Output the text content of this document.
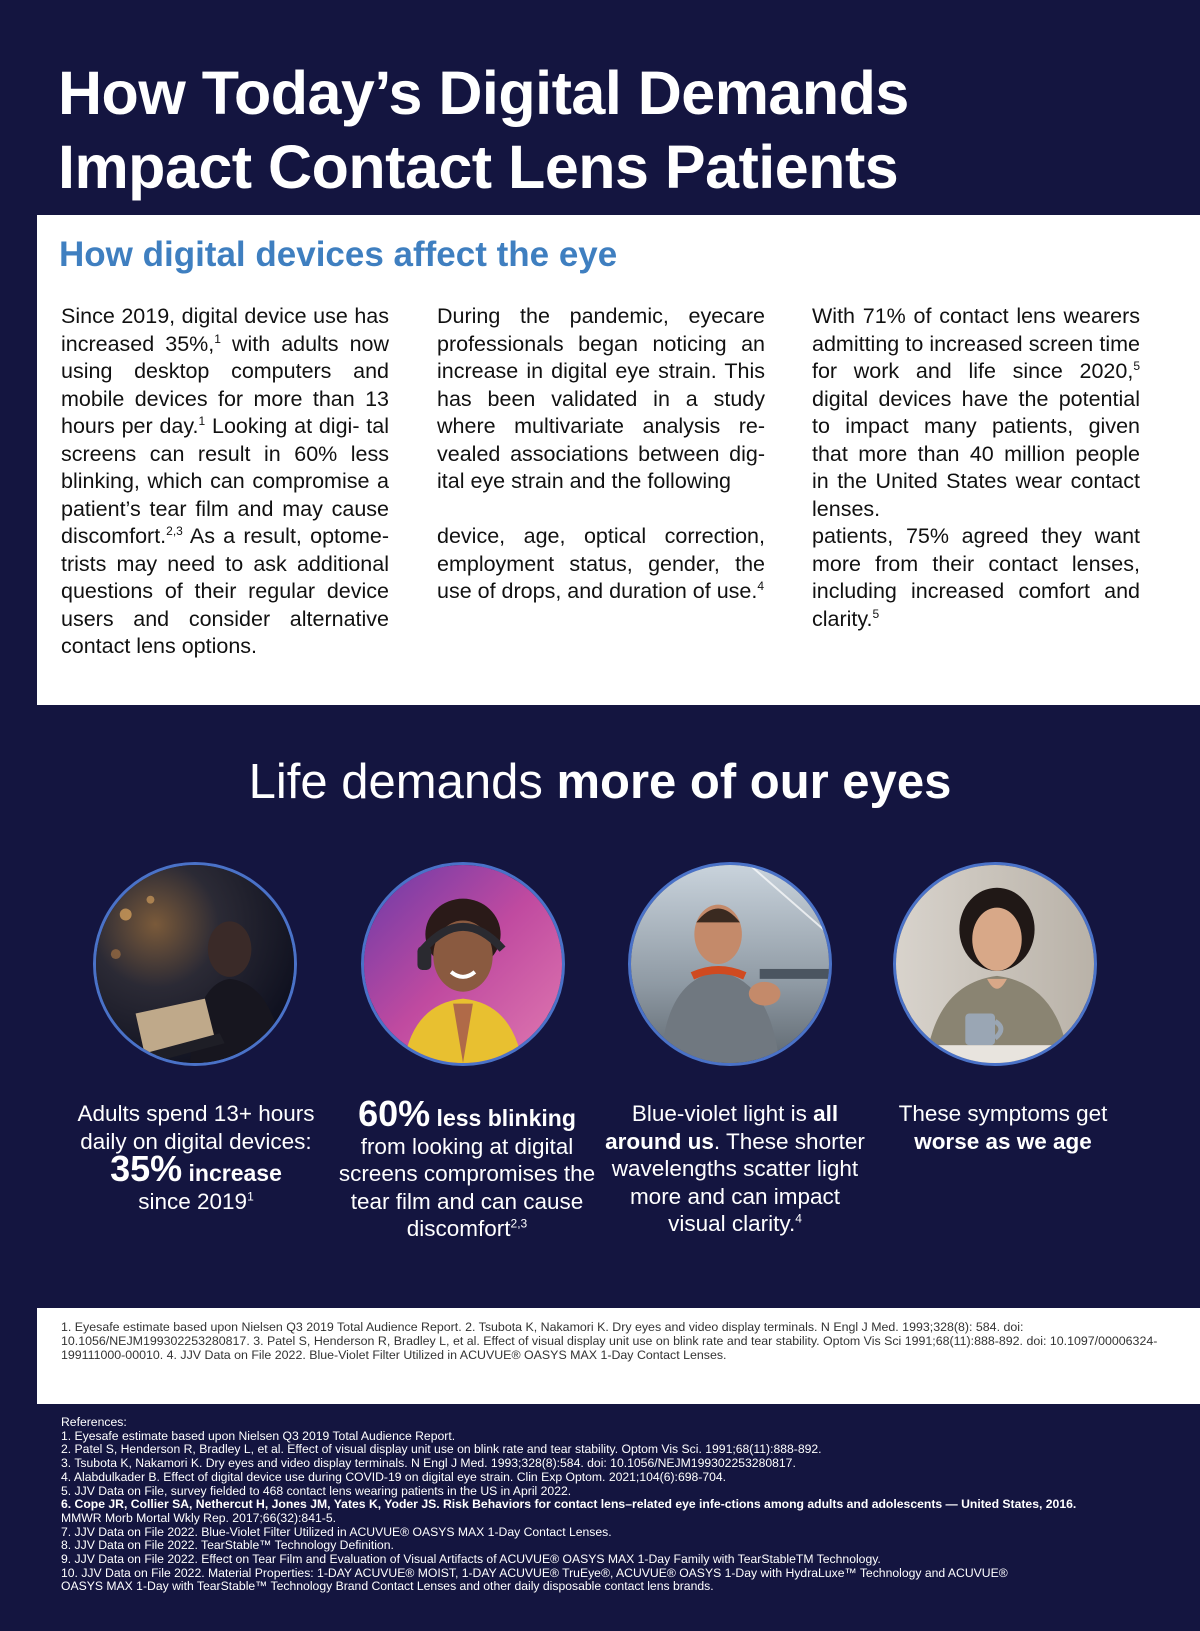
How Today’s Digital Demands
Impact Contact Lens Patients
How digital devices affect the eye

Since 2019, digital device use has increased 35%,$^1$ with adults now using desktop computers and mobile devices for more than 13 hours per day.$^1$ Looking at digi- tal screens can result in 60% less blinking, which can compromise a patient’s tear film and may cause discomfort.$^{2,3}$ As a result, optome- trists may need to ask additional questions of their regular device users and consider alternative contact lens options.

During the pandemic, eyecare professionals began noticing an increase in digital eye strain. This has been validated in a study where multivariate analysis re- vealed associations between dig- ital eye strain and the following
device, age, optical correction, employment status, gender, the use of drops, and duration of use.$^4$

With 71% of contact lens wearers admitting to increased screen time for work and life since 2020,$^5$ digital devices have the potential to impact many patients, given that more than 40 million people in the United States wear contact lenses.
patients, 75% agreed they want more from their contact lenses, including increased comfort and clarity.$^5$

Life demands more of our eyes
Adults spend 13+ hours daily on digital devices:
35% increase
since 2019$^1$
60% less blinking
from looking at digital screens compromises the tear film and can cause discomfort$^{2,3}$
Blue-violet light is all around us. These shorter wavelengths scatter light more and can impact visual clarity.$^4$
These symptoms get
worse as we age

1. Eyesafe estimate based upon Nielsen Q3 2019 Total Audience Report. 2. Tsubota K, Nakamori K. Dry eyes and video display terminals. N Engl J Med. 1993;328(8): 584. doi: 10.1056/NEJM199302253280817. 3. Patel S, Henderson R, Bradley L, et al. Effect of visual display unit use on blink rate and tear stability. Optom Vis Sci 1991;68(11):888-892. doi: 10.1097/00006324-199111000-00010. 4. JJV Data on File 2022. Blue-Violet Filter Utilized in ACUVUE® OASYS MAX 1-Day Contact Lenses.

References:
1. Eyesafe estimate based upon Nielsen Q3 2019 Total Audience Report.
2. Patel S, Henderson R, Bradley L, et al. Effect of visual display unit use on blink rate and tear stability. Optom Vis Sci. 1991;68(11):888-892.
3. Tsubota K, Nakamori K. Dry eyes and video display terminals. N Engl J Med. 1993;328(8):584. doi: 10.1056/NEJM199302253280817.
4. Alabdulkader B. Effect of digital device use during COVID-19 on digital eye strain. Clin Exp Optom. 2021;104(6):698-704.
5. JJV Data on File, survey fielded to 468 contact lens wearing patients in the US in April 2022.
6. Cope JR, Collier SA, Nethercut H, Jones JM, Yates K, Yoder JS. Risk Behaviors for contact lens–related eye infe-ctions among adults and adolescents — United States, 2016.
MMWR Morb Mortal Wkly Rep. 2017;66(32):841-5.
7. JJV Data on File 2022. Blue-Violet Filter Utilized in ACUVUE® OASYS MAX 1-Day Contact Lenses.
8. JJV Data on File 2022. TearStable™ Technology Definition.
9. JJV Data on File 2022. Effect on Tear Film and Evaluation of Visual Artifacts of ACUVUE® OASYS MAX 1-Day Family with TearStableTM Technology.
10. JJV Data on File 2022. Material Properties: 1-DAY ACUVUE® MOIST, 1-DAY ACUVUE® TruEye®, ACUVUE® OASYS 1-Day with HydraLuxe™ Technology and ACUVUE®
OASYS MAX 1-Day with TearStable™ Technology Brand Contact Lenses and other daily disposable contact lens brands.
